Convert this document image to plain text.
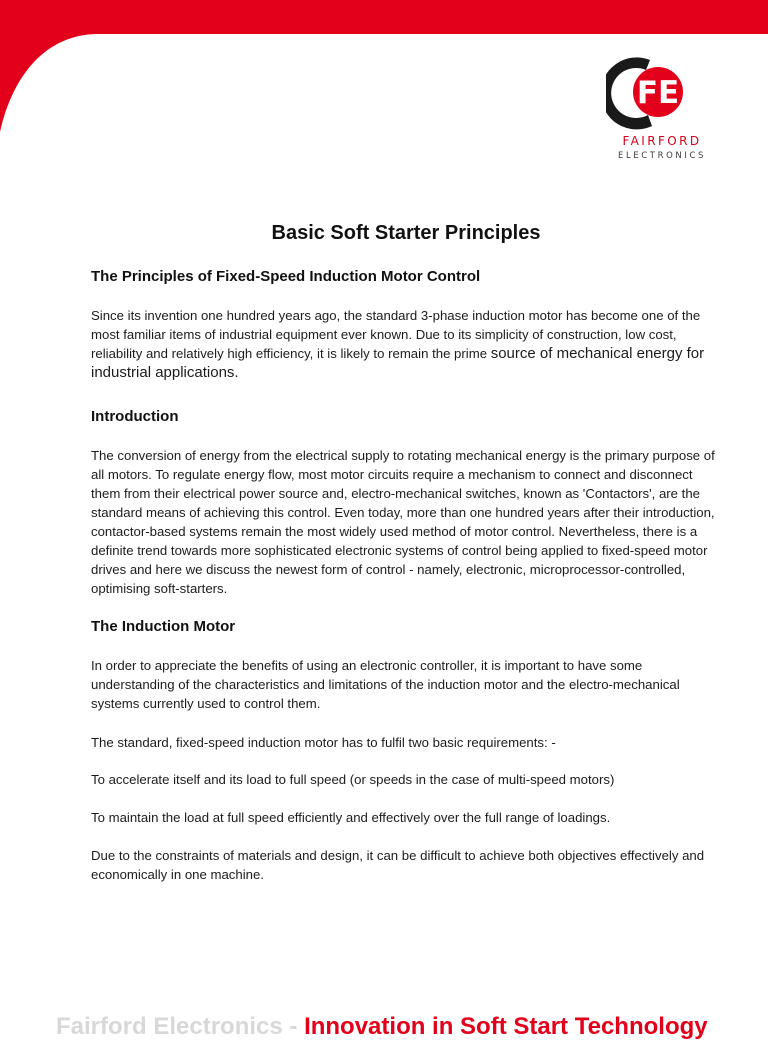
FE
FAIRFORD
ELECTRONICS
Basic Soft Starter Principles
The Principles of Fixed-Speed Induction Motor Control

Since its invention one hundred years ago, the standard 3-phase induction motor has become one of the most familiar items of industrial equipment ever known. Due to its simplicity of construction, low cost, reliability and relatively high efficiency, it is likely to remain the prime source of mechanical energy for industrial applications.

Introduction

The conversion of energy from the electrical supply to rotating mechanical energy is the primary purpose of all motors. To regulate energy flow, most motor circuits require a mechanism to connect and disconnect them from their electrical power source and, electro-mechanical switches, known as 'Contactors', are the standard means of achieving this control. Even today, more than one hundred years after their introduction, contactor-based systems remain the most widely used method of motor control. Nevertheless, there is a definite trend towards more sophisticated electronic systems of control being applied to fixed-speed motor drives and here we discuss the newest form of control - namely, electronic, microprocessor-controlled, optimising soft-starters.

The Induction Motor

In order to appreciate the benefits of using an electronic controller, it is important to have some understanding of the characteristics and limitations of the induction motor and the electro-mechanical systems currently used to control them.

The standard, fixed-speed induction motor has to fulfil two basic requirements: -

To accelerate itself and its load to full speed (or speeds in the case of multi-speed motors)

To maintain the load at full speed efficiently and effectively over the full range of loadings.

Due to the constraints of materials and design, it can be difficult to achieve both objectives effectively and economically in one machine.

Fairford Electronics - Innovation in Soft Start Technology
